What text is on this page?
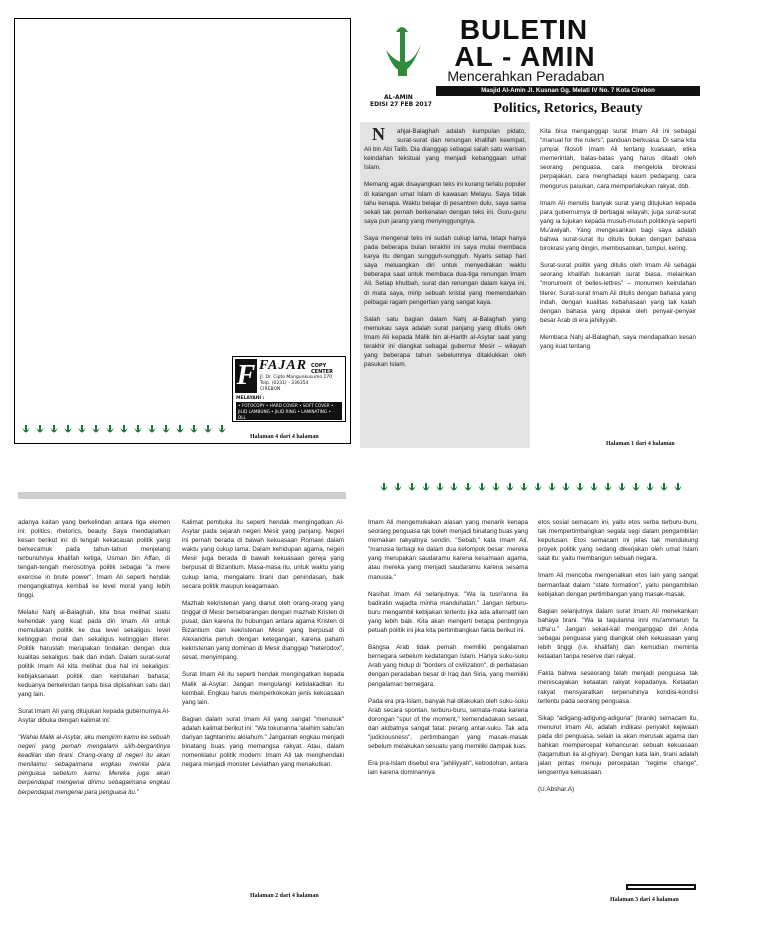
F FAJAR COPY CENTER
Jl. Dr. Cipto Mangunkusumo 170
Telp. (0231) - 336354
CIREBON
MELAYANI :
• FOTOCOPY • HARD COVER • SOFT COVER • JILID LAMBUNG • JILID RING • LAMINATING • DLL
Halaman 4 dari 4 halaman
AL-AMIN
EDISI 27 FEB 2017
BULETIN
AL - AMIN
Mencerahkan Peradaban
Masjid Al-Amin Jl. Kusnan Gg. Melati IV No. 7 Kota Cirebon
Politics, Retorics, Beauty

N ahjal-Balaghah adalah kumpulan pidato, surat-surat dan renungan khalifah keempat, Ali bin Abi Talib. Dia dianggap sebagai salah satu warisan keindahan tekstual yang menjadi kebanggaan umat Islam.

Memang agak disayangkan teks ini kurang terlalu populer di kalangan umat Islam di kawasan Melayu. Saya tidak tahu kenapa. Waktu belajar di pesantren dulu, saya sama sekali tak pernah berkenalan dengan teks ini. Guru-guru saya pun jarang yang menyinggungnya.

Saya mengenal teks ini sudah cukup lama, tetapi hanya pada beberapa bulan terakhir ini saya mulai membaca karya itu dengan sungguh-sungguh. Nyaris setiap hari saya meluangkan diri untuk menyediakan waktu beberapa saat untuk membaca dua-tiga renungan Imam Ali. Setiap khutbah, surat dan renungan dalam karya ini, di mata saya, mirip sebuah kristal yang memendarkan pelbagai ragam pengertian yang sangat kaya.

Salah satu bagian dalam Nahj al-Balaghah yang memukau saya adalah surat panjang yang ditulis oleh Imam Ali kepada Malik bin al-Harith al-Asytar saat yang terakhir ini diangkat sebagai gubernur Mesir – wilayah yang beberapa tahun sebelumnya ditaklukkan oleh pasukan Islam.

Kita bisa menganggap surat Imam Ali ini sebagai "manual for the rulers", panduan berkuasa. Di sana kita jumpai filosofi Imam Ali tentang kuasaan, etika memerintah, batas-batas yang harus ditaati oleh seorang penguasa, cara mengelola birokrasi perpajakan, cara menghadapi kaum pedagang, cara mengurus pasukan, cara memperlakukan rakyat, dsb.

Imam Ali menulis banyak surat yang ditujukan kepada para gubernurnya di berbagai wilayah; juga surat-surat yang ia tujukan kepada musuh-musuh politiknya seperti Mu'awiyah. Yang mengesankan bagi saya adalah bahwa surat-surat itu ditulis bukan dengan bahasa birokrasi yang dingin, membosankan, tumpul, kering.

Surat-surat politik yang ditulis oleh Imam Ali sebagai seorang khalifah bukanlah surat biasa, melainkan "monument of belles-lettres" – monumen keindahan literer. Surat-surat Imam Ali ditulis dengan bahasa yang indah, dengan kualitas kebahasaan yang tak kalah dengan bahasa yang dipakai oleh penyair-penyair besar Arab di era jahiliyyah.

Membaca Nahj al-Balaghah, saya mendapatkan kesan yang kuat tentang

Halaman 1 dari 4 halaman

adanya kaitan yang berkelindan antara tiga elemen ini: politics, rhetorics, beauty. Saya mendapatkan kesan berikut ini: di tengah kekacauan politik yang berkecamuk pada tahun-tahun menjelang terbunuhnya khalifah ketiga, Usman bin Affan, di tengah-tengah merosotnya politik sebagai "a mere exercise in brute power", Imam Ali seperti hendak mengangkatnya kembali ke level moral yang lebih tinggi.

Melalui Nahj al-Balaghah, kita bisa melihat suatu kehendak yang kuat pada diri Imam Ali untuk memuliakan politik ke dua level sekaligus: level ketinggian moral dan sekaligus ketinggian literer. Politik haruslah merupakan tindakan dengan dua kualitas sekaligus: baik dan indah. Dalam surat-surat politik Imam Ali kita melihat dua hal ini sekaligus: kebijaksanaan politik dan keindahan bahasa; keduanya berkelindan tanpa bisa dipisahkan satu dari yang lain.

Surat Imam Ali yang ditujukan kepada gubernurnya Al-Asytar dibuka dengan kalimat ini:

"Wahai Malik al-Asytar, aku mengirim kamu ke sebuah negeri yang pernah mengalami silih-bergantinya keadilan dan tirani. Orang-orang di negeri itu akan menilaimu sebagaimana engkau menilai para penguasa sebelum kamu. Mereka juga akan berpendapat mengenai dirimu sebagaimana engkau berpendapat mengenai para penguasa itu."

Kalimat pembuka itu seperti hendak mengingatkan Al-Asytar pada sejarah negeri Mesir yang panjang. Negeri ini pernah berada di bawah kekuasaan Romawi dalam waktu yang cukup lama. Dalam kehidupan agama, negeri Mesir juga berada di bawah kekuasaan gereja yang berpusat di Bizantium. Masa-masa itu, untuk waktu yang cukup lama, mengalami tirani dan penindasan, baik secara politik maupun keagamaan.

Mazhab kekristenan yang dianut oleh orang-orang yang tinggal di Mesir bersebarangan dengan mazhab Kristen di pusat, dan karena itu hubungan antara agama Kristen di Bizantium dan kekristenan Mesir yang berpusat di Alexandria penuh dengan ketegangan, karena paham kekristenan yang dominan di Mesir dianggap "heterodox", sesat, menyimpang.

Surat Imam Ali itu seperti hendak mengingatkan kepada Malik al-Asytar: Jangan mengulangi ketidakadilan itu kembali. Engkau harus memperkokokan jenis kekuasaan yang lain.

Bagian dalam surat Imam Ali yang sangat "menusuk" adalah kalimat berikut ini: "Wa tokunanna 'alaihim sabu'an dariyan taghtanimu akilahum." Janganlah engkau menjadi binatang buas yang memangsa rakyat. Atau, dalam nomenklatur politik modern: Imam Ali tak menghendaki negara menjadi monster Leviathan yang menakutkan.

Halaman 2 dari 4 halaman

Imam Ali mengemukakan alasan yang menarik kenapa seorang penguasa tak boleh menjadi binatang buas yang memakan rakyatnya sendiri. "Sebab," kata Imam Ali, "manusia terbagi ke dalam dua kelompok besar: mereka yang merupakan saudaramu karena kesamaan agama, atau mereka yang menjadi saudaramu karena sesama manusia."

Nasihat Imam Ali selanjutnya: "Wa la tusri'anna ila badiratin wajadta minha manduhatan." Jangan terburu-buru mengambil kebijakan tertentu jika ada alternatif lain yang lebih baik. Kita akan mengerti betapa pentingnya petuah politik ini jika kita pertimbangkan fakta berikut ini.

Bangsa Arab tidak pernah memiliki pengalaman bernegara sebelum kedatangan Islam. Hanya suku-suku Arab yang hidup di "borders of civilization", di perbatasan dengan peradaban besar di Iraq dan Siria, yang memiliki pengalaman bernegara.

Pada era pra-Islam, banyak hal dilakukan oleh suku-suku Arab secara spontan, terburu-buru, semata-mata karena dorongan "spur of the moment," kemendadakan sesaat, dan akibatnya sangat fatal: perang antar-suku. Tak ada "judiciousness", pertimbangan yang masak-masak sebelum melakukan sesuatu yang memiliki dampak luas.

Era pra-Islam disebut era "jahiliyyah", kebodohan, antara lain karena dominannya

etos sosial semacam ini, yaitu etos serba terburu-buru, tak mempertimbangkan segala segi dalam pengambilan keputusan. Etos semacam ini jelas tak mendukung proyek politik yang sedang dikerjakan oleh umat Islam saat itu: yaitu membangun sebuah negara.

Imam Ali mencoba mengenalkan etos lain yang sangat bermanfaat dalam "state formation", yaitu pengambilan kebijakan dengan pertimbangan yang masak-masak.

Bagian selanjutnya dalam surat Imam Ali menekankan bahaya tirani. "Wa la taqulanna inni mu'ammarun fa utha'u." Jangan sekali-kali menganggap diri Anda sebagai penguasa yang diangkat oleh kekuasaan yang lebih tinggi (i.e. khalifah) dan kemudian meminta ketaatan tanpa reserve dari rakyat.

Fakta bahwa seseorang telah menjadi penguasa tak meniscayakan ketaatan rakyat kepadanya. Ketaatan rakyat mensyaratkan terpenuhinya kondisi-kondisi tertentu pada seorang penguasa.

Sikap "adigang-adigung-adiguna" (tiranik) semacam itu, menurut Imam Ali, adalah indikasi penyakit kejiwaan pada diri penguasa, selain ia akan merusak agama dan bahkan mempercepat kehancuran sebuah kekuasaan (taqarrubun ila al-ghiyar). Dengan kata lain, tirani adalah jalan pintas menuju percepatan "regime change", lengsernya kekuasaan.

(U.Abshar.A)

Halaman 3 dari 4 halaman
